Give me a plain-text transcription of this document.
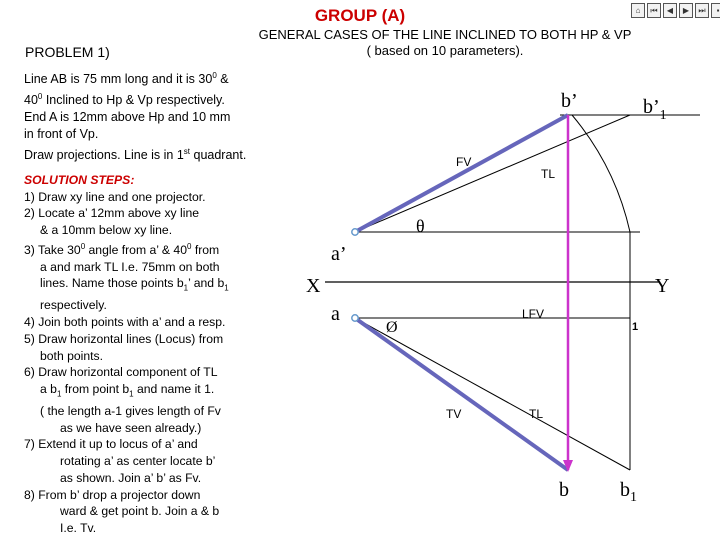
GROUP (A)	⌂	⏮	◀	▶	⏭	▪
GENERAL CASES OF THE LINE INCLINED TO BOTH HP & VP
( based on 10 parameters).
PROBLEM 1)
Line AB is 75 mm long and it is $30^0$ &
$40^0$ Inclined to Hp & Vp respectively.
End A is 12mm above Hp and 10 mm
in front of Vp.
Draw projections. Line is in 1st quadrant.
SOLUTION STEPS:
1) Draw xy line and one projector.
2) Locate a’ 12mm above xy line
& a 10mm below xy line.
3) Take $30^0$ angle from a’ & $40^0$ from
a and mark TL I.e. 75mm on both
lines. Name those points $b_1$’ and $b_1$
respectively.
4) Join both points with a’ and a resp.
5) Draw horizontal lines (Locus) from
both points.
6) Draw horizontal component of TL
a $b_1$ from point $b_1$ and name it 1.
( the length a-1 gives length of Fv
as we have seen already.)
7) Extend it up to locus of a’ and
rotating a’ as center locate b’
as shown. Join a’ b’ as Fv.
8) From b’ drop a projector down
ward & get point b. Join a & b
I.e. Tv.
b’	$b’_1$
FV
TL
θ
a’
X	Y
a
Ø
LFV
1
TV	TL
b	$b_1$
